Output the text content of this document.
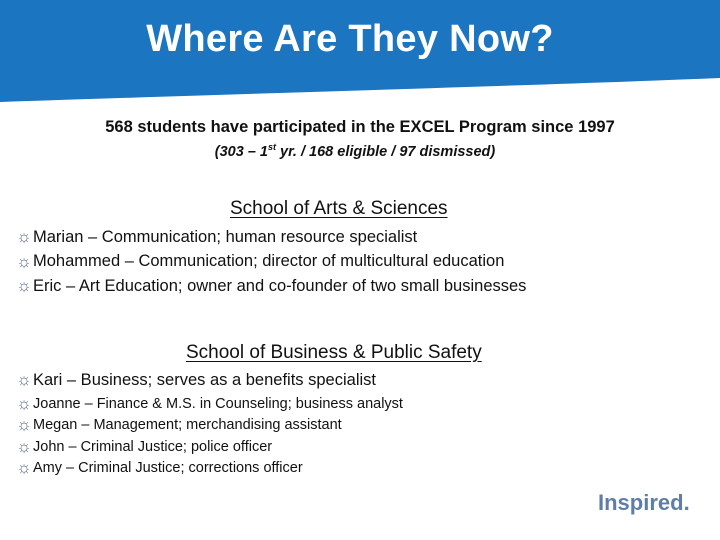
Where Are They Now?
568 students have participated in the EXCEL Program since 1997
(303 – 1st yr. / 168 eligible / 97 dismissed)
School of Arts & Sciences
☼ Marian – Communication; human resource specialist
☼ Mohammed – Communication; director of multicultural education
☼ Eric – Art Education; owner and co-founder of two small businesses
School of Business & Public Safety
☼ Kari – Business; serves as a benefits specialist
☼ Joanne – Finance & M.S. in Counseling; business analyst
☼ Megan – Management; merchandising assistant
☼ John – Criminal Justice; police officer
☼ Amy – Criminal Justice; corrections officer
Inspired.
